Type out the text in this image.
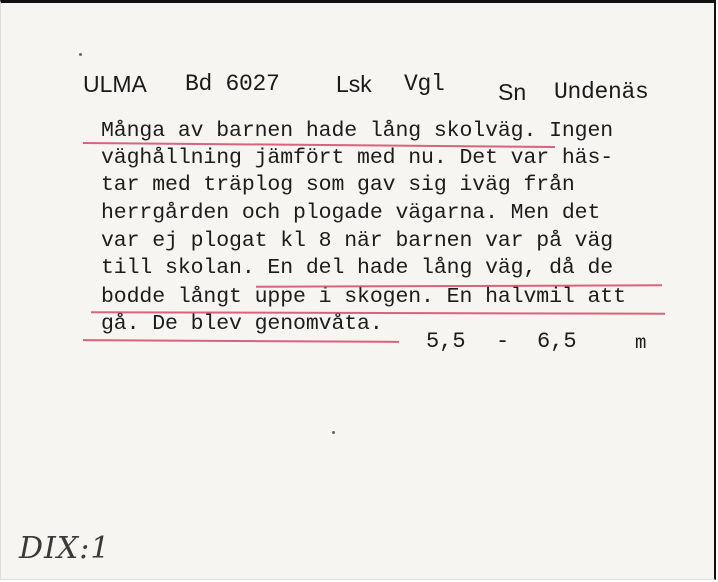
ULMA Bd 6027 Lsk Vgl Sn Undenäs
Många av barnen hade lång skolväg. Ingen
väghållning jämfört med nu. Det var häs-
tar med träplog som gav sig iväg från
herrgården och plogade vägarna. Men det
var ej plogat kl 8 när barnen var på väg
till skolan. En del hade lång väg, då de
bodde långt uppe i skogen. En halvmil att
gå. De blev genomvåta.
5,5 - 6,5	m
DIX:1
